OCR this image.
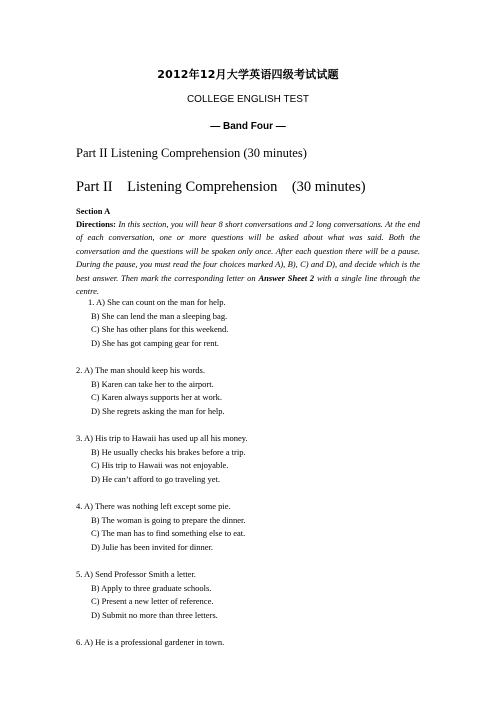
2012年12月大学英语四级考试试题
COLLEGE ENGLISH TEST
— Band Four —
Part II Listening Comprehension (30 minutes)
Part II    Listening Comprehension    (30 minutes)
Section A
Directions: In this section, you will hear 8 short conversations and 2 long conversations. At the end of each conversation, one or more questions will be asked about what was said. Both the conversation and the questions will be spoken only once. After each question there will be a pause. During the pause, you must read the four choices marked A), B), C) and D), and decide which is the best answer. Then mark the corresponding letter on Answer Sheet 2 with a single line through the centre.
1. A) She can count on the man for help.
B) She can lend the man a sleeping bag.
C) She has other plans for this weekend.
D) She has got camping gear for rent.
2. A) The man should keep his words.
B) Karen can take her to the airport.
C) Karen always supports her at work.
D) She regrets asking the man for help.
3. A) His trip to Hawaii has used up all his money.
B) He usually checks his brakes before a trip.
C) His trip to Hawaii was not enjoyable.
D) He can’t afford to go traveling yet.
4. A) There was nothing left except some pie.
B) The woman is going to prepare the dinner.
C) The man has to find something else to eat.
D) Julie has been invited for dinner.
5. A) Send Professor Smith a letter.
B) Apply to three graduate schools.
C) Present a new letter of reference.
D) Submit no more than three letters.
6. A) He is a professional gardener in town.
